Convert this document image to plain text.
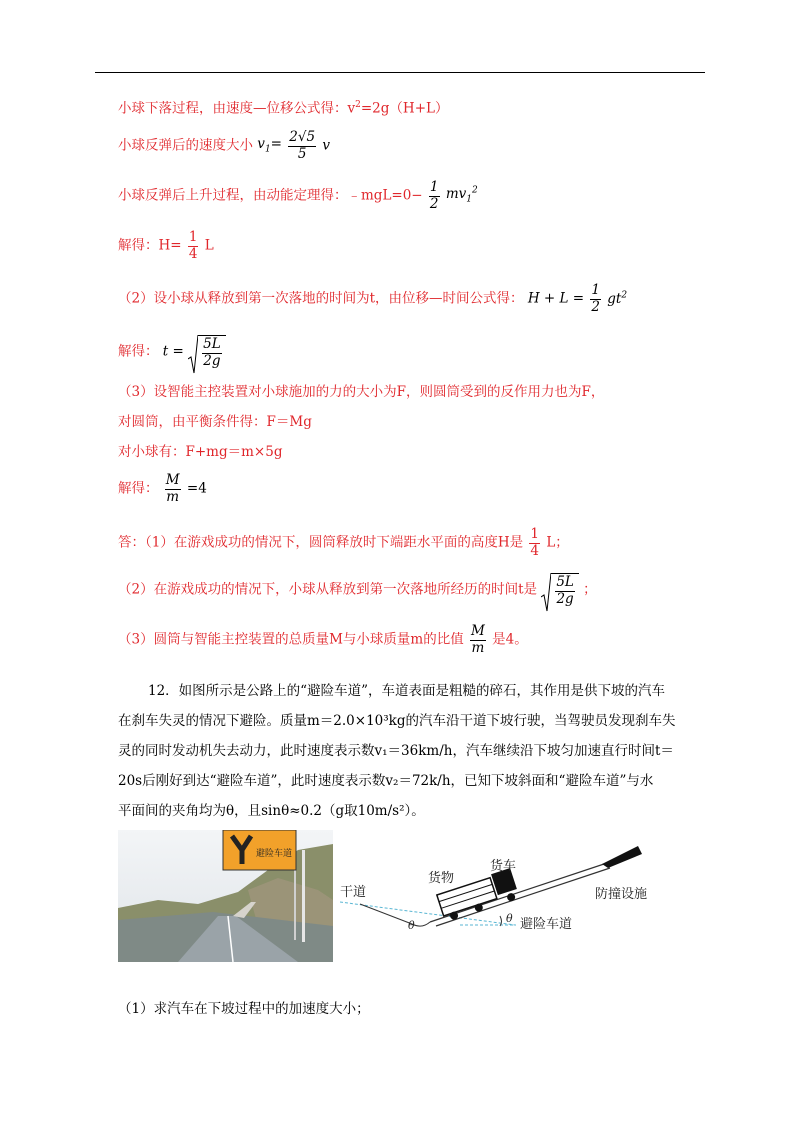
小球下落过程，由速度—位移公式得：$v^2=2g(H+L)$
小球反弹后的速度大小 $v_1= \frac{2√5}{5}$ v
小球反弹后上升过程，由动能定理得：﹣mgL=0− $\frac{1}{2} mv_1^2$
解得：$H= \frac{1}{4}$ L
（2）设小球从释放到第一次落地的时间为t，由位移—时间公式得： $H + L = \frac{1}{2} gt^2$
解得： $t = \frac{5L}{2g}$
（3）设智能主控装置对小球施加的力的大小为F，则圆筒受到的反作用力也为F，
对圆筒，由平衡条件得：F＝Mg
对小球有：F+mg＝m×5g
解得： $\frac{M}{m} =4$
答：（1）在游戏成功的情况下，圆筒释放时下端距水平面的高度H是 $\frac{1}{4}$ L；
（2）在游戏成功的情况下，小球从释放到第一次落地所经历的时间t是 $\frac{5L}{2g}$ ；
（3）圆筒与智能主控装置的总质量M与小球质量m的比值 $\frac{M}{m}$ 是4。
12．如图所示是公路上的“避险车道”，车道表面是粗糙的碎石，其作用是供下坡的汽车
在刹车失灵的情况下避险。质量m＝2.0×10³kg的汽车沿干道下坡行驶，当驾驶员发现刹车失
灵的同时发动机失去动力，此时速度表示数v₁＝36km/h，汽车继续沿下坡匀加速直行时间t＝
20s后刚好到达“避险车道”，此时速度表示数v₂＝72k/h，已知下坡斜面和“避险车道”与水
平面间的夹角均为θ，且sinθ≈0.2（g取10m/s²）。
避险车道
干道
货物
货车
防撞设施
避险车道
θ
θ
（1）求汽车在下坡过程中的加速度大小；
